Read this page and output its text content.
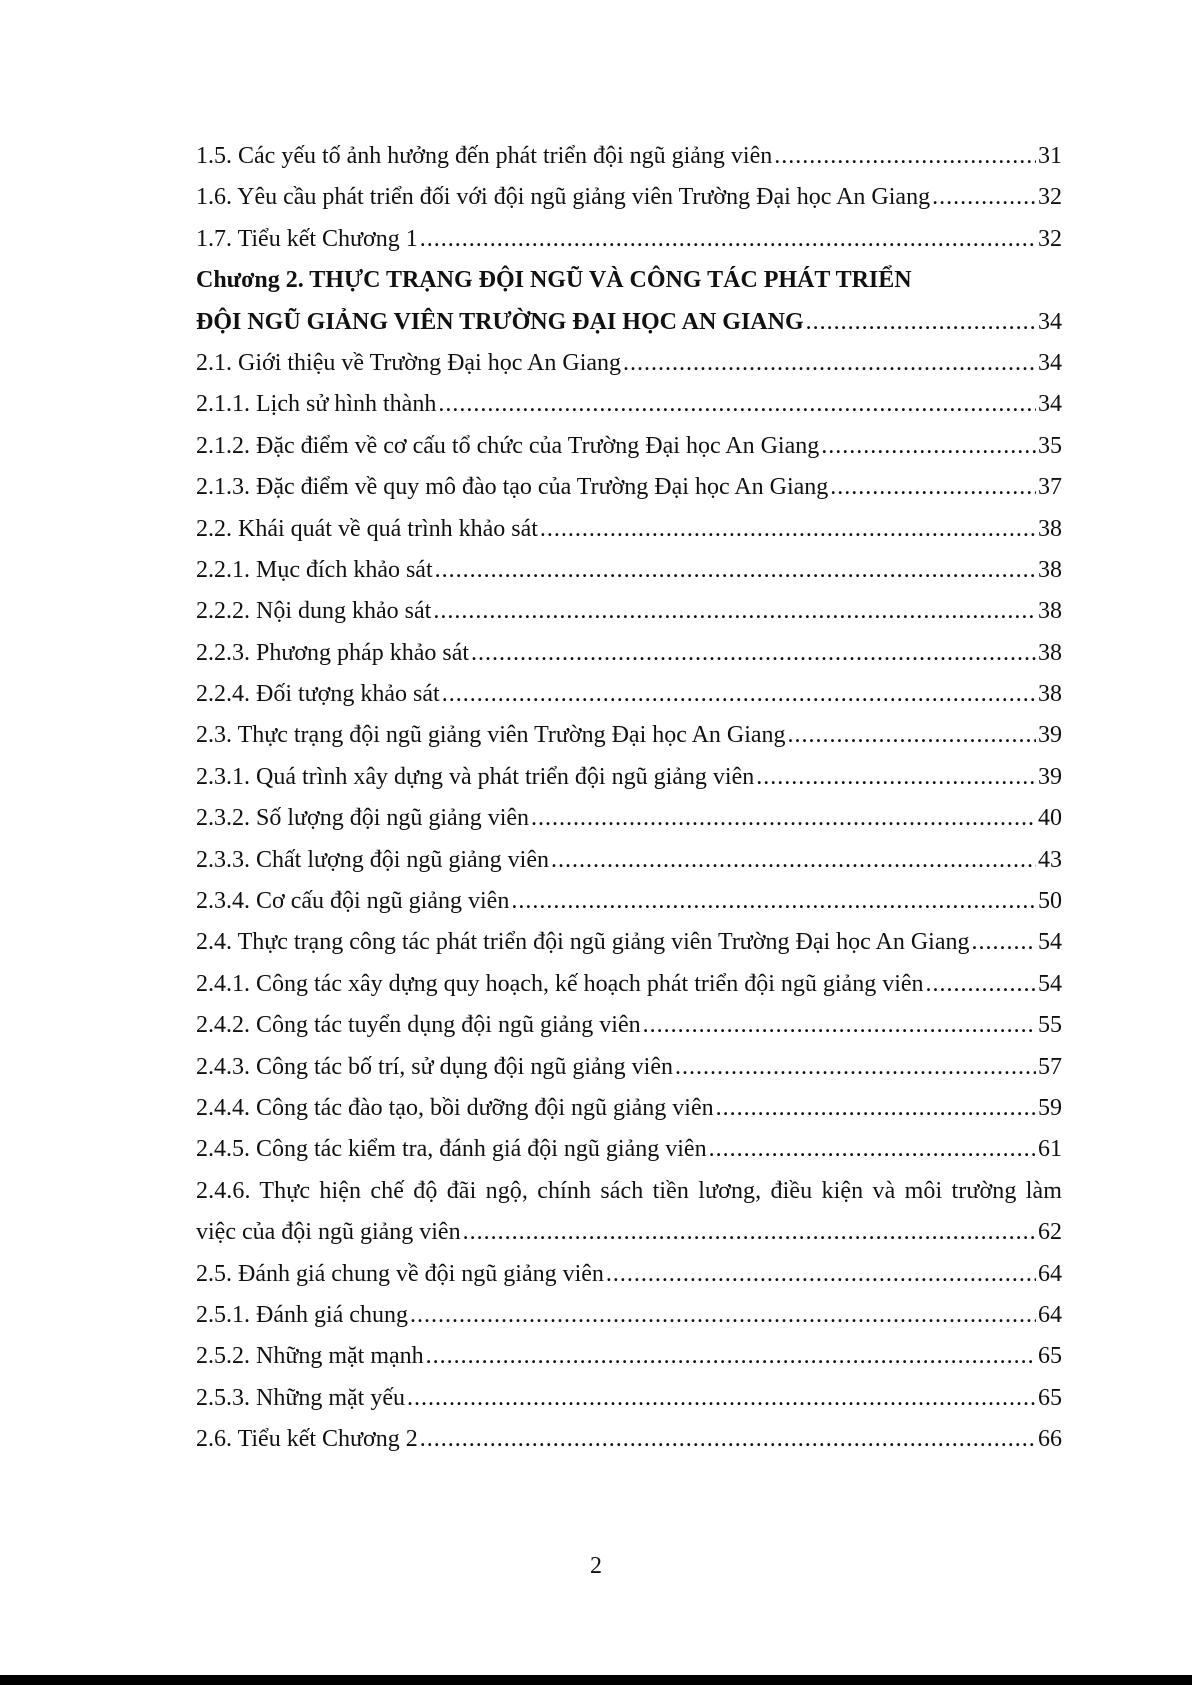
1.5. Các yếu tố ảnh hưởng đến phát triển đội ngũ giảng viên .....	31
1.6. Yêu cầu phát triển đối với đội ngũ giảng viên Trường Đại học An Giang .....	32
1.7. Tiểu kết Chương 1 .....	32
Chương 2. THỰC TRẠNG ĐỘI NGŨ VÀ CÔNG TÁC PHÁT TRIỂN
ĐỘI NGŨ GIẢNG VIÊN TRƯỜNG ĐẠI HỌC AN GIANG .....	34
2.1. Giới thiệu về Trường Đại học An Giang .....	34
2.1.1. Lịch sử hình thành .....	34
2.1.2. Đặc điểm về cơ cấu tổ chức của Trường Đại học An Giang .....	35
2.1.3. Đặc điểm về quy mô đào tạo của Trường Đại học An Giang .....	37
2.2. Khái quát về quá trình khảo sát .....	38
2.2.1. Mục đích khảo sát .....	38
2.2.2. Nội dung khảo sát .....	38
2.2.3. Phương pháp khảo sát .....	38
2.2.4. Đối tượng khảo sát .....	38
2.3. Thực trạng đội ngũ giảng viên Trường Đại học An Giang .....	39
2.3.1. Quá trình xây dựng và phát triển đội ngũ giảng viên .....	39
2.3.2. Số lượng đội ngũ giảng viên .....	40
2.3.3. Chất lượng đội ngũ giảng viên .....	43
2.3.4. Cơ cấu đội ngũ giảng viên .....	50
2.4. Thực trạng công tác phát triển đội ngũ giảng viên Trường Đại học An Giang .....	54
2.4.1. Công tác xây dựng quy hoạch, kế hoạch phát triển đội ngũ giảng viên .....	54
2.4.2. Công tác tuyển dụng đội ngũ giảng viên .....	55
2.4.3. Công tác bố trí, sử dụng đội ngũ giảng viên .....	57
2.4.4. Công tác đào tạo, bồi dưỡng đội ngũ giảng viên .....	59
2.4.5. Công tác kiểm tra, đánh giá đội ngũ giảng viên .....	61
2.4.6. Thực hiện chế độ đãi ngộ, chính sách tiền lương, điều kiện và môi trường làm
việc của đội ngũ giảng viên .....	62
2.5. Đánh giá chung về đội ngũ giảng viên .....	64
2.5.1. Đánh giá chung .....	64
2.5.2. Những mặt mạnh .....	65
2.5.3. Những mặt yếu .....	65
2.6. Tiểu kết Chương 2 .....	66
2
